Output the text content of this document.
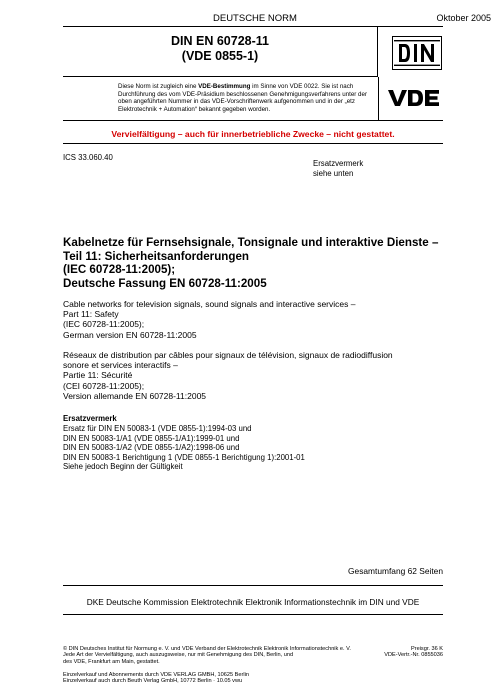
DEUTSCHE NORM	Oktober 2005
DIN EN 60728-11
(VDE 0855-1)
Diese Norm ist zugleich eine VDE-Bestimmung im Sinne von VDE 0022. Sie ist nach Durchführung des vom VDE-Präsidium beschlossenen Genehmigungsverfahrens unter der oben angeführten Nummer in das VDE-Vorschriftenwerk aufgenommen und in der „etz Elektrotechnik + Automation“ bekannt gegeben worden.
Vervielfältigung – auch für innerbetriebliche Zwecke – nicht gestattet.
ICS 33.060.40
Ersatzvermerk
siehe unten
Kabelnetze für Fernsehsignale, Tonsignale und interaktive Dienste –
Teil 11: Sicherheitsanforderungen
(IEC 60728-11:2005);
Deutsche Fassung EN 60728-11:2005
Cable networks for television signals, sound signals and interactive services –
Part 11: Safety
(IEC 60728-11:2005);
German version EN 60728-11:2005
Réseaux de distribution par câbles pour signaux de télévision, signaux de radiodiffusion
sonore et services interactifs –
Partie 11: Sécurité
(CEI 60728-11:2005);
Version allemande EN 60728-11:2005
Ersatzvermerk
Ersatz für DIN EN 50083-1 (VDE 0855-1):1994-03 und
DIN EN 50083-1/A1 (VDE 0855-1/A1):1999-01 und
DIN EN 50083-1/A2 (VDE 0855-1/A2):1998-06 und
DIN EN 50083-1 Berichtigung 1 (VDE 0855-1 Berichtigung 1):2001-01
Siehe jedoch Beginn der Gültigkeit
Gesamtumfang 62 Seiten
DKE Deutsche Kommission Elektrotechnik Elektronik Informationstechnik im DIN und VDE
© DIN Deutsches Institut für Normung e. V. und VDE Verband der Elektrotechnik Elektronik Informationstechnik e. V.
Jede Art der Vervielfältigung, auch auszugsweise, nur mit Genehmigung des DIN, Berlin, und
des VDE, Frankfurt am Main, gestattet.
Preisgr. 36 K
VDE-Vertr.-Nr. 0855036
Einzelverkauf und Abonnements durch VDE VERLAG GMBH, 10625 Berlin
Einzelverkauf auch durch Beuth Verlag GmbH, 10772 Berlin · 10.05 vwu
